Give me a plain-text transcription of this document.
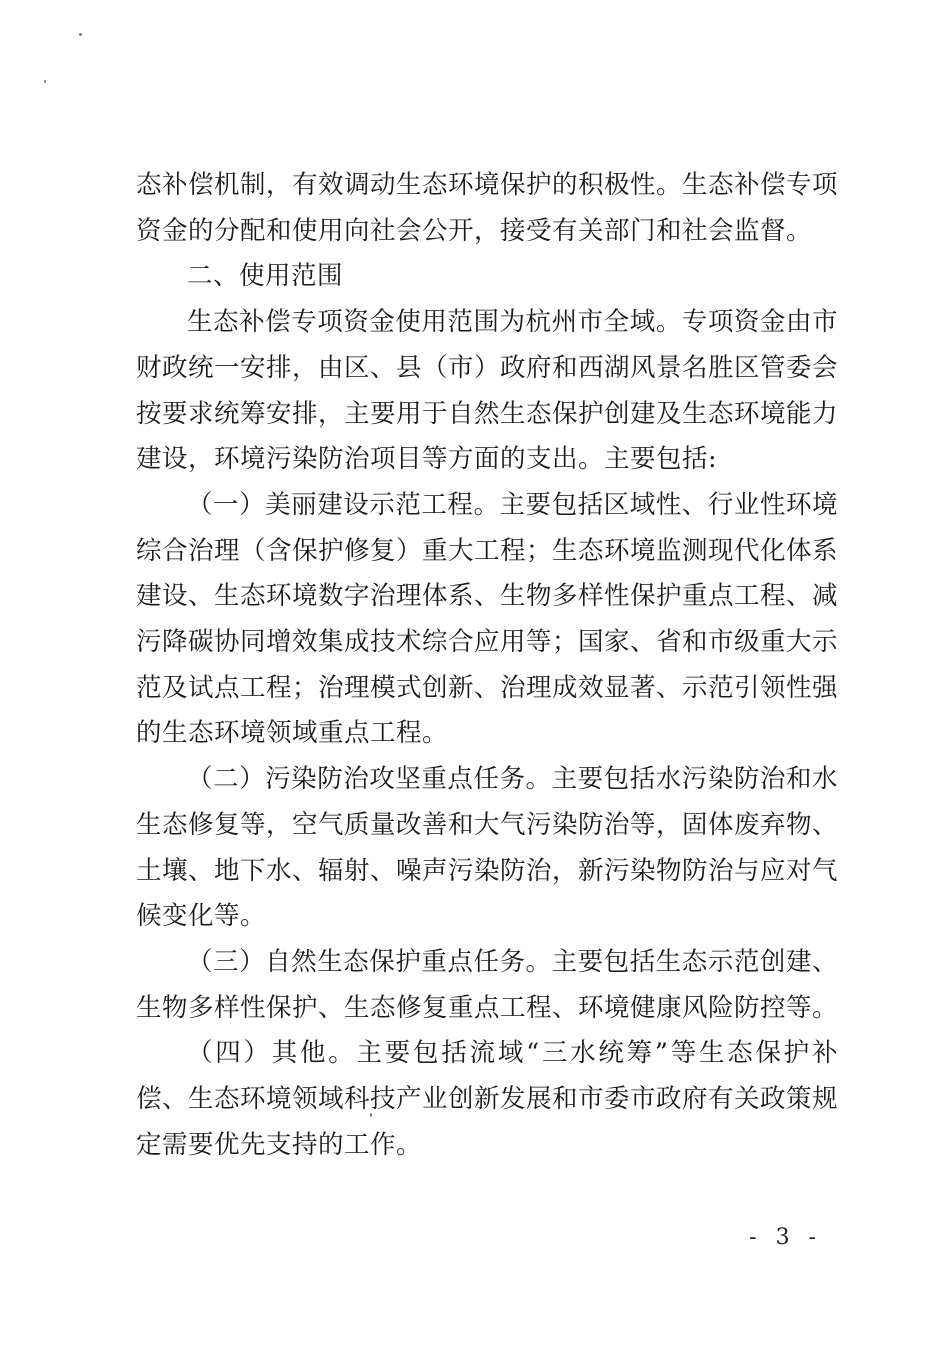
态补偿机制，有效调动生态环境保护的积极性。生态补偿专项资金的分配和使用向社会公开，接受有关部门和社会监督。

二、使用范围

生态补偿专项资金使用范围为杭州市全域。专项资金由市财政统一安排，由区、县（市）政府和西湖风景名胜区管委会按要求统筹安排，主要用于自然生态保护创建及生态环境能力建设，环境污染防治项目等方面的支出。主要包括:

（一）美丽建设示范工程。主要包括区域性、行业性环境综合治理（含保护修复）重大工程；生态环境监测现代化体系建设、生态环境数字治理体系、生物多样性保护重点工程、减污降碳协同增效集成技术综合应用等；国家、省和市级重大示范及试点工程；治理模式创新、治理成效显著、示范引领性强的生态环境领域重点工程。

（二）污染防治攻坚重点任务。主要包括水污染防治和水生态修复等，空气质量改善和大气污染防治等，固体废弃物、土壤、地下水、辐射、噪声污染防治，新污染物防治与应对气候变化等。

（三）自然生态保护重点任务。主要包括生态示范创建、生物多样性保护、生态修复重点工程、环境健康风险防控等。

（四）其他。主要包括流域“三水统筹”等生态保护补偿、生态环境领域科技产业创新发展和市委市政府有关政策规定需要优先支持的工作。

- 3 -
